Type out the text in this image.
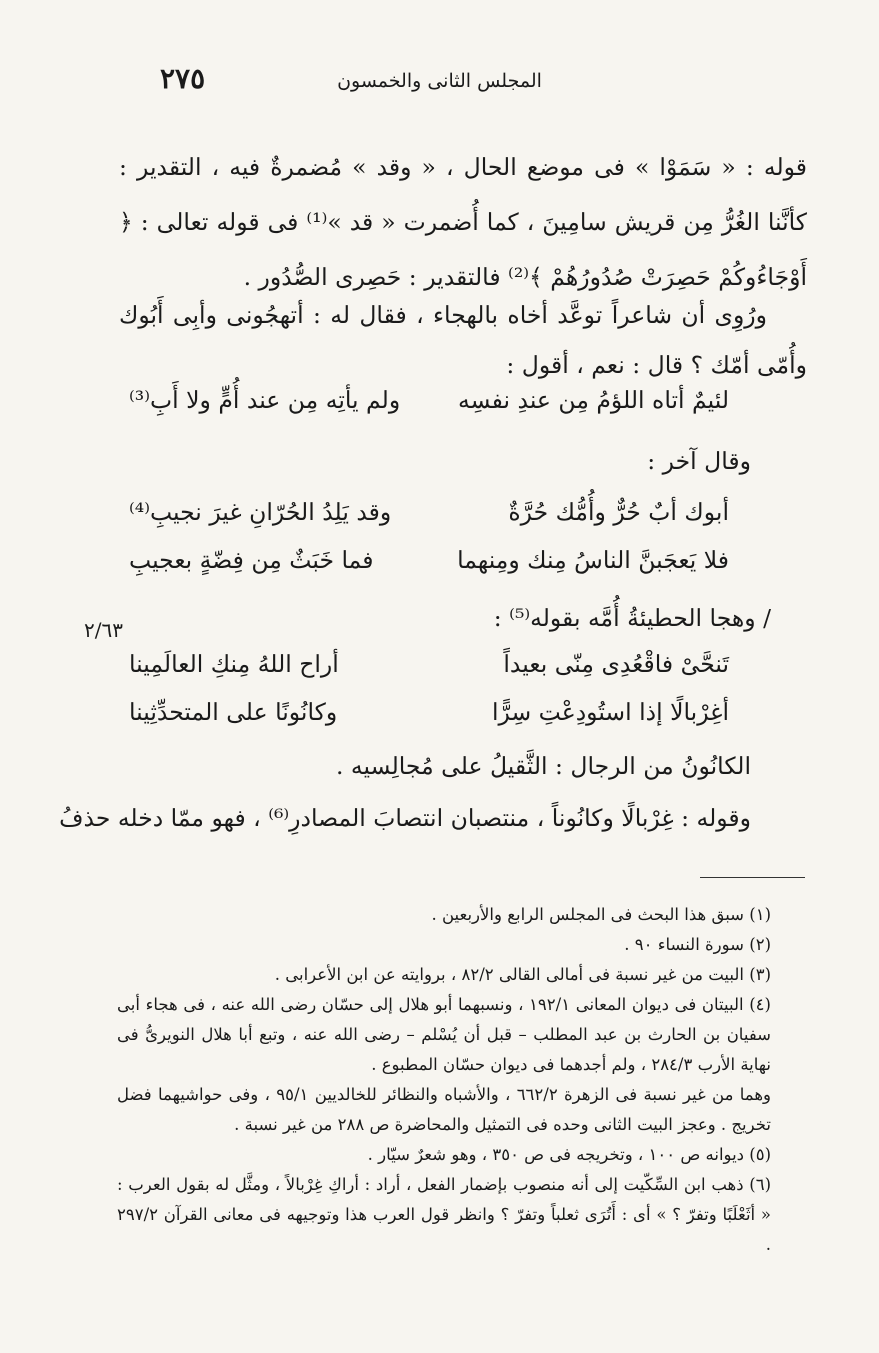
٢٧٥	المجلس الثانى والخمسون
قوله : « سَمَوْا » فى موضع الحال ، « وقد » مُضمرةٌ فيه ، التقدير : كأنَّنا الغُرُّ مِن قريش سامِينَ ، كما أُضمرت « قد »⁽¹⁾ فى قوله تعالى : ﴿ أَوْجَاءُوكُمْ حَصِرَتْ صُدُورُهُمْ ﴾⁽²⁾ فالتقدير : حَصِرى الصُّدُور .
ورُوِى أن شاعراً توعَّد أخاه بالهجاء ، فقال له : أتهجُونى وأبِى أَبُوك وأُمّى أمّك ؟ قال : نعم ، أقول :
لئيمٌ أتاه اللؤمُ مِن عندِ نفسِه
ولم يأتِه مِن عند أُمٍّ ولا أَبِ⁽³⁾
وقال آخر :
أبوك أبٌ حُرٌّ وأُمُّك حُرَّةٌ
وقد يَلِدُ الحُرّانِ غيرَ نجيبِ⁽⁴⁾
فلا يَعجَبنَّ الناسُ مِنك ومِنهما
فما خَبَثٌ مِن فِضّةٍ بعجيبِ
/ وهجا الحطيئةُ أُمَّه بقوله⁽⁵⁾ :
٢/٦٣
تَنحَّىْ فاقْعُدِى مِنّى بعيداً
أراح اللهُ مِنكِ العالَمِينا
أغِرْبالًا إذا استُودِعْتِ سِرًّا
وكانُونًا على المتحدِّثِينا
الكانُونُ من الرجال : الثَّقيلُ على مُجالِسيه .
وقوله : غِرْبالًا وكانُوناً ، منتصبان انتصابَ المصادرِ⁽⁶⁾ ، فهو ممّا دخله حذفُ

(١) سبق هذا البحث فى المجلس الرابع والأربعين .

(٢) سورة النساء ٩٠ .

(٣) البيت من غير نسبة فى أمالى القالى ٨٢/٢ ، بروايته عن ابن الأعرابى .

(٤) البيتان فى ديوان المعانى ١٩٢/١ ، ونسبهما أبو هلال إلى حسّان رضى الله عنه ، فى هجاء أبى سفيان بن الحارث بن عبد المطلب – قبل أن يُسْلم – رضى الله عنه ، وتبع أبا هلال النويرىُّ فى نهاية الأرب ٢٨٤/٣ ، ولم أجدهما فى ديوان حسّان المطبوع .

وهما من غير نسبة فى الزهرة ٦٦٢/٢ ، والأشباه والنظائر للخالديين ٩٥/١ ، وفى حواشيهما فضل تخريج . وعجز البيت الثانى وحده فى التمثيل والمحاضرة ص ٢٨٨ من غير نسبة .

(٥) ديوانه ص ١٠٠ ، وتخريجه فى ص ٣٥٠ ، وهو شعرٌ سيّار .

(٦) ذهب ابن السِّكّيت إلى أنه منصوب بإضمار الفعل ، أراد : أراكِ غِرْبالاً ، ومثَّل له بقول العرب : « أثَعْلَبًا وتفرّ ؟ » أى : أَتُرَى ثعلباً وتفرّ ؟ وانظر قول العرب هذا وتوجيهه فى معانى القرآن ٢٩٧/٢ .
